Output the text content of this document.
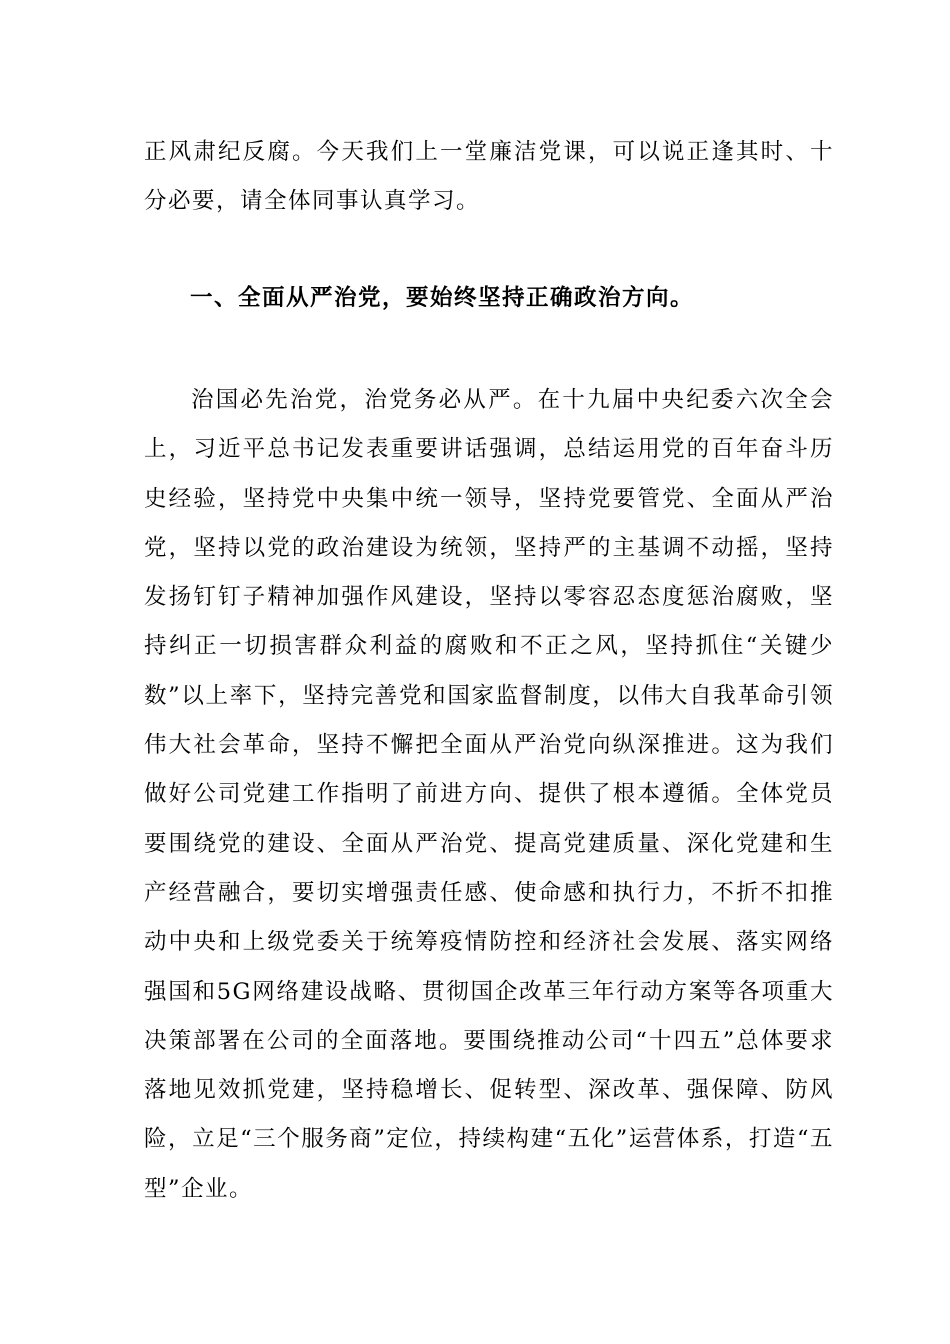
正风肃纪反腐。今天我们上一堂廉洁党课，可以说正逢其时、十分必要，请全体同事认真学习。

一、全面从严治党，要始终坚持正确政治方向。

治国必先治党，治党务必从严。在十九届中央纪委六次全会上，习近平总书记发表重要讲话强调，总结运用党的百年奋斗历史经验，坚持党中央集中统一领导，坚持党要管党、全面从严治党，坚持以党的政治建设为统领，坚持严的主基调不动摇，坚持发扬钉钉子精神加强作风建设，坚持以零容忍态度惩治腐败，坚持纠正一切损害群众利益的腐败和不正之风，坚持抓住“关键少数”以上率下，坚持完善党和国家监督制度，以伟大自我革命引领伟大社会革命，坚持不懈把全面从严治党向纵深推进。这为我们做好公司党建工作指明了前进方向、提供了根本遵循。全体党员要围绕党的建设、全面从严治党、提高党建质量、深化党建和生产经营融合，要切实增强责任感、使命感和执行力，不折不扣推动中央和上级党委关于统筹疫情防控和经济社会发展、落实网络强国和5G网络建设战略、贯彻国企改革三年行动方案等各项重大决策部署在公司的全面落地。要围绕推动公司“十四五”总体要求落地见效抓党建，坚持稳增长、促转型、深改革、强保障、防风险，立足“三个服务商”定位，持续构建“五化”运营体系，打造“五型”企业。
